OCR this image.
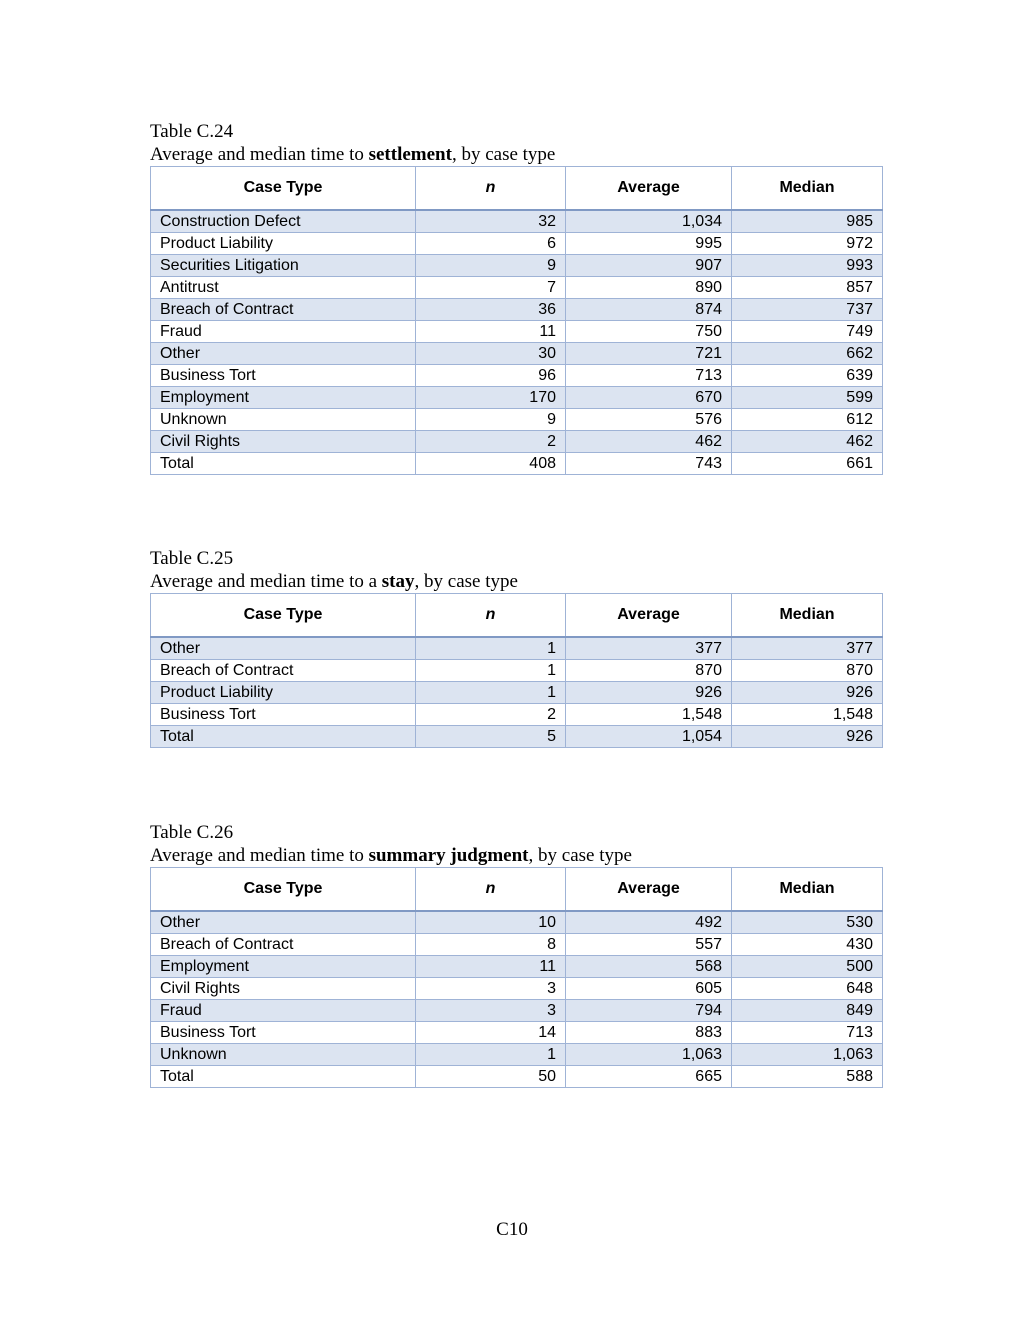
Table C.24
Average and median time to settlement, by case type
Case Type	n	Average	Median
Construction Defect	32	1,034	985
Product Liability	6	995	972
Securities Litigation	9	907	993
Antitrust	7	890	857
Breach of Contract	36	874	737
Fraud	11	750	749
Other	30	721	662
Business Tort	96	713	639
Employment	170	670	599
Unknown	9	576	612
Civil Rights	2	462	462
Total	408	743	661
Table C.25
Average and median time to a stay, by case type
Case Type	n	Average	Median
Other	1	377	377
Breach of Contract	1	870	870
Product Liability	1	926	926
Business Tort	2	1,548	1,548
Total	5	1,054	926
Table C.26
Average and median time to summary judgment, by case type
Case Type	n	Average	Median
Other	10	492	530
Breach of Contract	8	557	430
Employment	11	568	500
Civil Rights	3	605	648
Fraud	3	794	849
Business Tort	14	883	713
Unknown	1	1,063	1,063
Total	50	665	588
C10
